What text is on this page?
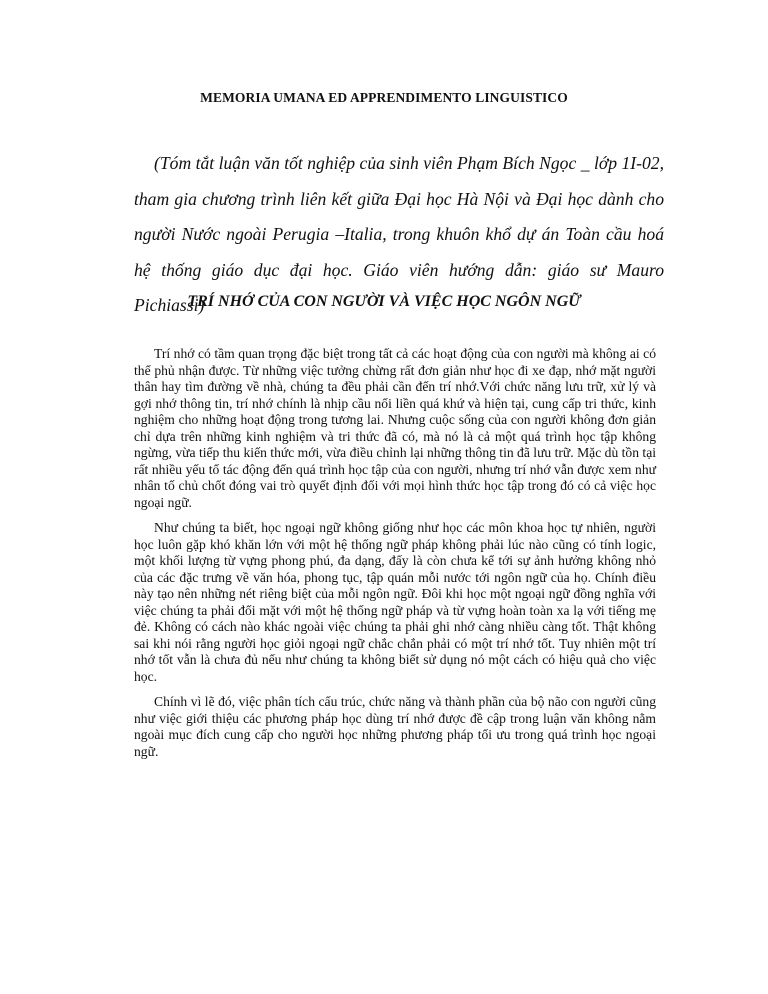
MEMORIA UMANA ED APPRENDIMENTO LINGUISTICO
(Tóm tắt luận văn tốt nghiệp của sinh viên Phạm Bích Ngọc _ lớp 1I-02, tham gia chương trình liên kết giữa Đại học Hà Nội và Đại học dành cho người Nước ngoài Perugia –Italia, trong khuôn khổ dự án Toàn cầu hoá hệ thống giáo dục đại học. Giáo viên hướng dẫn: giáo sư Mauro Pichiassi)
TRÍ NHỚ CỦA CON NGƯỜI VÀ VIỆC HỌC NGÔN NGỮ

Trí nhớ có tầm quan trọng đặc biệt trong tất cả các hoạt động của con người mà không ai có thể phủ nhận được. Từ những việc tưởng chừng rất đơn giản như học đi xe đạp, nhớ mặt người thân hay tìm đường về nhà, chúng ta đều phải cần đến trí nhớ.Với chức năng lưu trữ, xử lý và gợi nhớ thông tin, trí nhớ chính là nhịp cầu nối liền quá khứ và hiện tại, cung cấp tri thức, kinh nghiệm cho những hoạt động trong tương lai. Nhưng cuộc sống của con người không đơn giản chỉ dựa trên những kinh nghiệm và tri thức đã có, mà nó là cả một quá trình học tập không ngừng, vừa tiếp thu kiến thức mới, vừa điều chỉnh lại những thông tin đã lưu trữ. Mặc dù tồn tại rất nhiều yếu tố tác động đến quá trình học tập của con người, nhưng trí nhớ vẫn được xem như nhân tố chủ chốt đóng vai trò quyết định đối với mọi hình thức học tập trong đó có cả việc học ngoại ngữ.

Như chúng ta biết, học ngoại ngữ không giống như học các môn khoa học tự nhiên, người học luôn gặp khó khăn lớn với một hệ thống ngữ pháp không phải lúc nào cũng có tính logic, một khối lượng từ vựng phong phú, đa dạng, đấy là còn chưa kể tới sự ảnh hưởng không nhỏ của các đặc trưng về văn hóa, phong tục, tập quán mỗi nước tới ngôn ngữ của họ. Chính điều này tạo nên những nét riêng biệt của mỗi ngôn ngữ. Đôi khi học một ngoại ngữ đồng nghĩa với việc chúng ta phải đối mặt với một hệ thống ngữ pháp và từ vựng hoàn toàn xa lạ với tiếng mẹ đẻ. Không có cách nào khác ngoài việc chúng ta phải ghi nhớ càng nhiều càng tốt. Thật không sai khi nói rằng người học giỏi ngoại ngữ chắc chắn phải có một trí nhớ tốt. Tuy nhiên một trí nhớ tốt vẫn là chưa đủ nếu như chúng ta không biết sử dụng nó một cách có hiệu quả cho việc học.

Chính vì lẽ đó, việc phân tích cấu trúc, chức năng và thành phần của bộ não con người cũng như việc giới thiệu các phương pháp học dùng trí nhớ được đề cập trong luận văn không nằm ngoài mục đích cung cấp cho người học những phương pháp tối ưu trong quá trình học ngoại ngữ.
